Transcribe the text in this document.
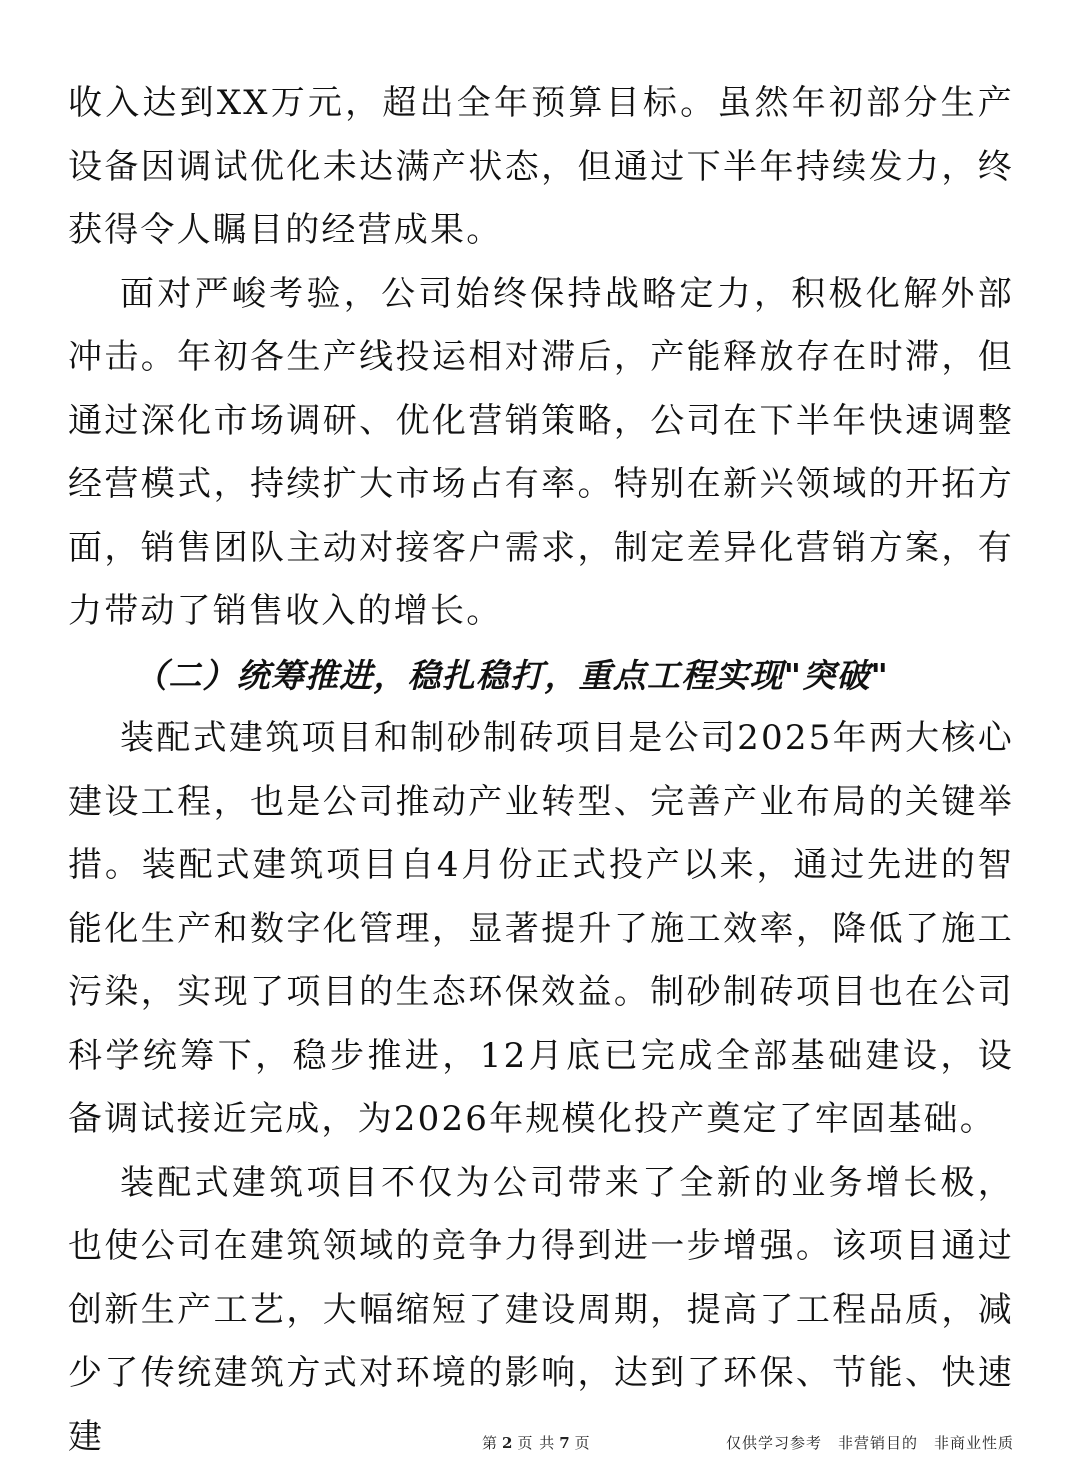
收入达到XX万元，超出全年预算目标。虽然年初部分生产设备因调试优化未达满产状态，但通过下半年持续发力，终获得令人瞩目的经营成果。

面对严峻考验，公司始终保持战略定力，积极化解外部冲击。年初各生产线投运相对滞后，产能释放存在时滞，但通过深化市场调研、优化营销策略，公司在下半年快速调整经营模式，持续扩大市场占有率。特别在新兴领域的开拓方面，销售团队主动对接客户需求，制定差异化营销方案，有力带动了销售收入的增长。

（二）统筹推进，稳扎稳打，重点工程实现"突破"

装配式建筑项目和制砂制砖项目是公司2025年两大核心建设工程，也是公司推动产业转型、完善产业布局的关键举措。装配式建筑项目自4月份正式投产以来，通过先进的智能化生产和数字化管理，显著提升了施工效率，降低了施工污染，实现了项目的生态环保效益。制砂制砖项目也在公司科学统筹下，稳步推进，12月底已完成全部基础建设，设备调试接近完成，为2026年规模化投产奠定了牢固基础。

装配式建筑项目不仅为公司带来了全新的业务增长极，也使公司在建筑领域的竞争力得到进一步增强。该项目通过创新生产工艺，大幅缩短了建设周期，提高了工程品质，减少了传统建筑方式对环境的影响，达到了环保、节能、快速建	第 2 页 共 7 页	仅供学习参考 非营销目的 非商业性质
